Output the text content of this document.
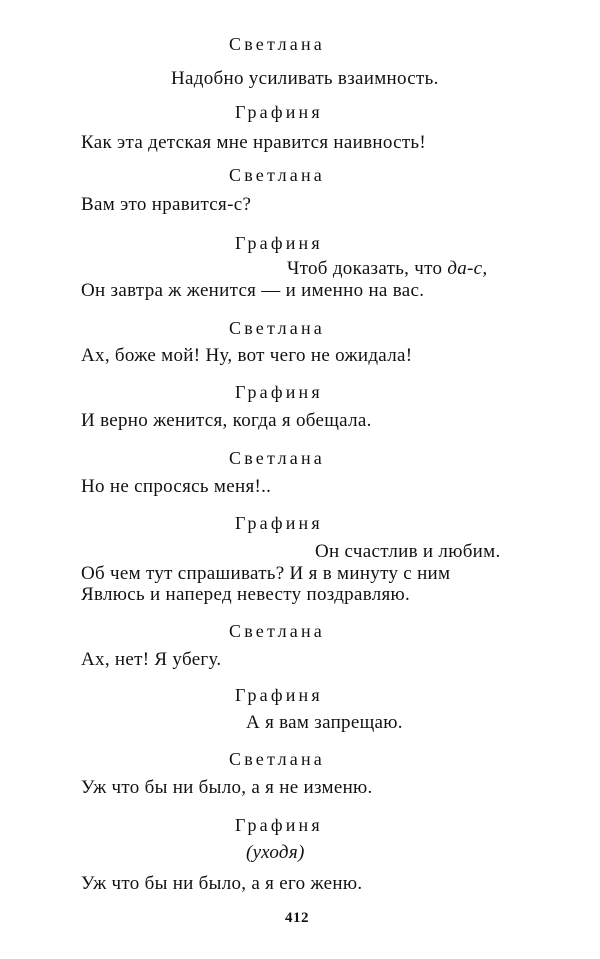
Светлана
Надобно усиливать взаимность.
Графиня
Как эта детская мне нравится наивность!
Светлана
Вам это нравится-с?
Графиня
Чтоб доказать, что да-с,
Он завтра ж женится — и именно на вас.
Светлана
Ах, боже мой! Ну, вот чего не ожидала!
Графиня
И верно женится, когда я обещала.
Светлана
Но не спросясь меня!..
Графиня
Он счастлив и любим.
Об чем тут спрашивать? И я в минуту с ним
Явлюсь и наперед невесту поздравляю.
Светлана
Ах, нет! Я убегу.
Графиня
А я вам запрещаю.
Светлана
Уж что бы ни было, а я не изменю.
Графиня
(уходя)
Уж что бы ни было, а я его женю.
412
